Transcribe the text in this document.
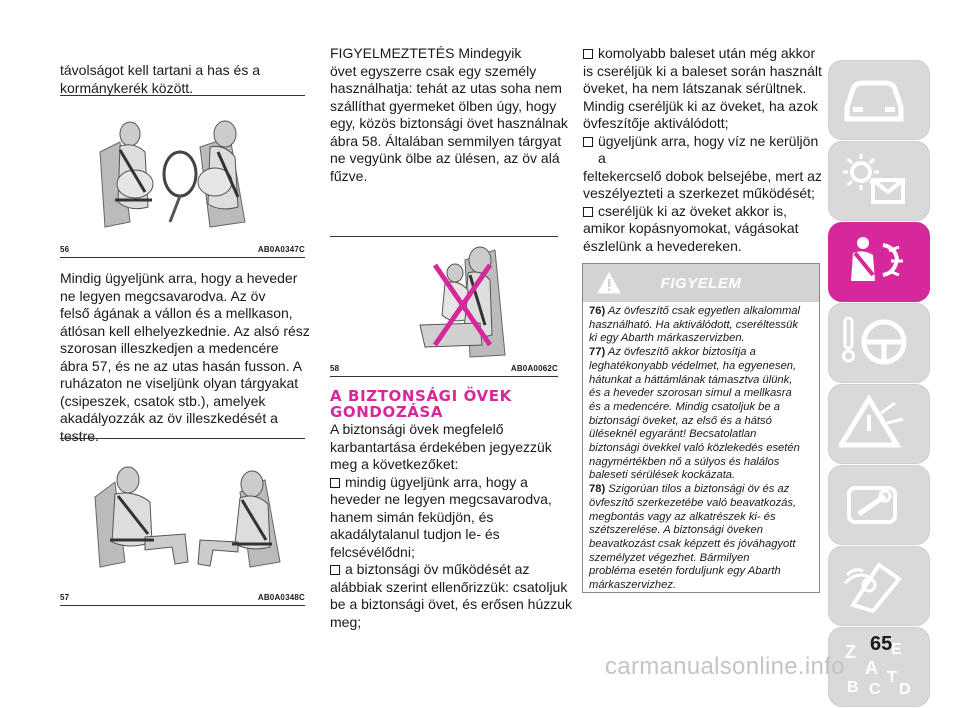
távolságot kell tartani a has és a

kormánykerék között.

56	AB0A0347C

Mindig ügyeljünk arra, hogy a heveder

ne legyen megcsavarodva. Az öv

felső ágának a vállon és a mellkason,

átlósan kell elhelyezkednie. Az alsó rész

szorosan illeszkedjen a medencére

ábra 57, és ne az utas hasán fusson. A

ruházaton ne viseljünk olyan tárgyakat

(csipeszek, csatok stb.), amelyek

akadályozzák az öv illeszkedését a

testre.

57	AB0A0348C

FIGYELMEZTETÉS Mindegyik

övet egyszerre csak egy személy

használhatja: tehát az utas soha nem

szállíthat gyermeket ölben úgy, hogy

egy, közös biztonsági övet használnak

ábra 58. Általában semmilyen tárgyat

ne vegyünk ölbe az ülésen, az öv alá

fűzve.

58	AB0A0062C
A BIZTONSÁGI ÖVEK
GONDOZÁSA

A biztonsági övek megfelelő

karbantartása érdekében jegyezzük

meg a következőket:

mindig ügyeljünk arra, hogy a

heveder ne legyen megcsavarodva,

hanem simán feküdjön, és

akadálytalanul tudjon le- és

felcsévélődni;

a biztonsági öv működését az

alábbiak szerint ellenőrizzük: csatoljuk

be a biztonsági övet, és erősen húzzuk

meg;

komolyabb baleset után még akkor

is cseréljük ki a baleset során használt

öveket, ha nem látszanak sérültnek.

Mindig cseréljük ki az öveket, ha azok

övfeszítője aktiválódott;

ügyeljünk arra, hogy víz ne kerüljön a

feltekercselő dobok belsejébe, mert az

veszélyezteti a szerkezet működését;

cseréljük ki az öveket akkor is,

amikor kopásnyomokat, vágásokat

észlelünk a hevedereken.

FIGYELEM
76) Az övfeszítő csak egyetlen alkalommal
használható. Ha aktiválódott, cseréltessük
ki egy Abarth márkaszervizben.
77) Az övfeszítő akkor biztosítja a
leghatékonyabb védelmet, ha egyenesen,
hátunkat a háttámlának támasztva ülünk,
és a heveder szorosan simul a mellkasra
és a medencére. Mindig csatoljuk be a
biztonsági öveket, az első és a hátsó
üléseknél egyaránt! Becsatolatlan
biztonsági övekkel való közlekedés esetén
nagymértékben nő a súlyos és halálos
baleseti sérülések kockázata.
78) Szigorúan tilos a biztonsági öv és az
övfeszítő szerkezetébe való beavatkozás,
megbontás vagy az alkatrészek ki- és
szétszerelése. A biztonsági öveken
beavatkozást csak képzett és jóváhagyott
személyzet végezhet. Bármilyen
probléma esetén forduljunk egy Abarth
márkaszervizhez.
Z E
A
B C
T
D
65
carmanualsonline.info
